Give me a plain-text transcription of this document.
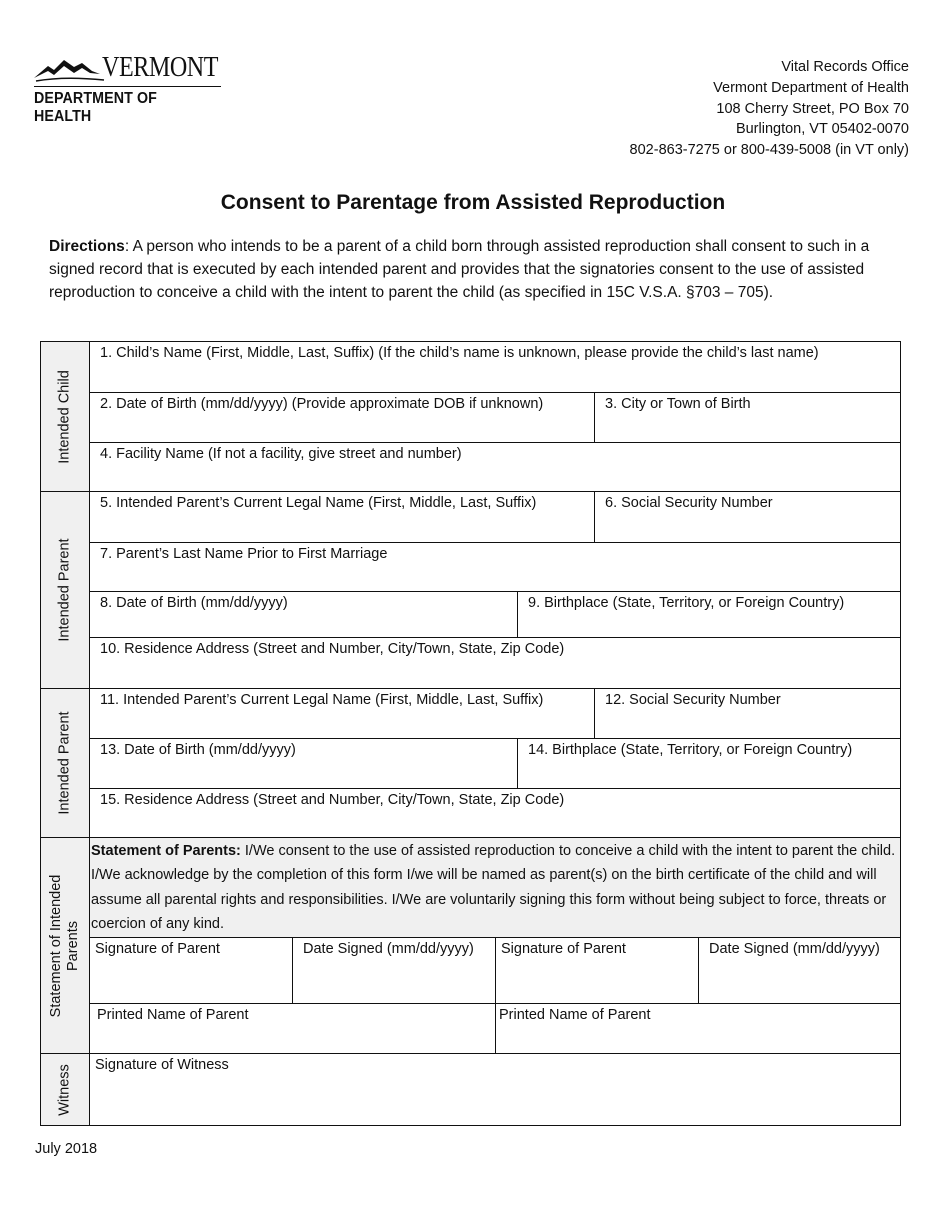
VERMONT
DEPARTMENT OF HEALTH
Vital Records Office
Vermont Department of Health
108 Cherry Street, PO Box 70
Burlington, VT 05402-0070
802-863-7275 or 800-439-5008 (in VT only)
Consent to Parentage from Assisted Reproduction

Directions: A person who intends to be a parent of a child born through assisted reproduction shall consent to such in a signed record that is executed by each intended parent and provides that the signatories consent to the use of assisted reproduction to conceive a child with the intent to parent the child (as specified in 15C V.S.A. §703 – 705).

Intended Child
Intended Parent
Intended Parent
Statement of Intended Parents
Witness
1. Child’s Name (First, Middle, Last, Suffix) (If the child’s name is unknown, please provide the child’s last name)
2. Date of Birth (mm/dd/yyyy) (Provide approximate DOB if unknown)	3. City or Town of Birth
4. Facility Name (If not a facility, give street and number)
5. Intended Parent’s Current Legal Name (First, Middle, Last, Suffix)	6. Social Security Number
7. Parent’s Last Name Prior to First Marriage
8. Date of Birth (mm/dd/yyyy)	9. Birthplace (State, Territory, or Foreign Country)
10. Residence Address (Street and Number, City/Town, State, Zip Code)
11. Intended Parent’s Current Legal Name (First, Middle, Last, Suffix)	12. Social Security Number
13. Date of Birth (mm/dd/yyyy)	14. Birthplace (State, Territory, or Foreign Country)
15. Residence Address (Street and Number, City/Town, State, Zip Code)
Statement of Parents: I/We consent to the use of assisted reproduction to conceive a child with the intent to parent the child. I/We acknowledge by the completion of this form I/we will be named as parent(s) on the birth certificate of the child and will assume all parental rights and responsibilities. I/We are voluntarily signing this form without being subject to force, threats or coercion of any kind.
Signature of Parent	Date Signed (mm/dd/yyyy)	Signature of Parent	Date Signed (mm/dd/yyyy)
Printed Name of Parent	Printed Name of Parent
Signature of Witness
July 2018
